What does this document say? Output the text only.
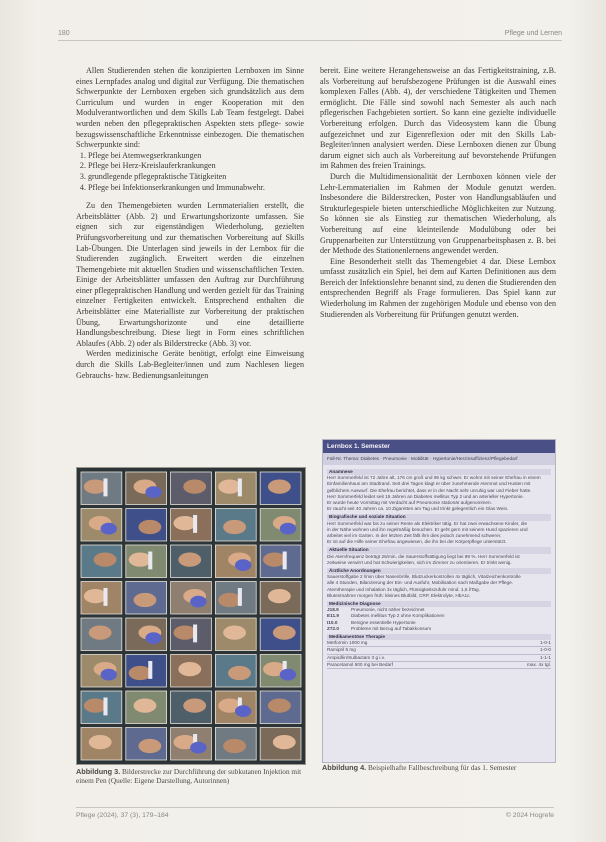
180	Pflege und Lernen

Allen Studierenden stehen die konzipierten Lernboxen im Sinne eines Lernpfades analog und digital zur Verfügung. Die thematischen Schwerpunkte der Lernboxen ergeben sich grundsätzlich aus dem Curriculum und wurden in enger Kooperation mit den Modulverantwortlichen und dem Skills Lab Team festgelegt. Dabei wurden neben den pflegepraktischen Aspekten stets pflege- sowie bezugswissenschaftliche Erkenntnisse einbezogen. Die thematischen Schwerpunkte sind:

1. Pflege bei Atemwegserkrankungen
2. Pflege bei Herz-Kreislauferkrankungen
3. grundlegende pflegepraktische Tätigkeiten
4. Pflege bei Infektionserkrankungen und Immunabwehr.

Zu den Themengebieten wurden Lernmaterialien erstellt, die Arbeitsblätter (Abb. 2) und Erwartungshorizonte umfassen. Sie eignen sich zur eigenständigen Wiederholung, gezielten Prüfungsvorbereitung und zur thematischen Vorbereitung auf Skills Lab-Übungen. Die Unterlagen sind jeweils in der Lernbox für die Studierenden zugänglich. Erweitert werden die einzelnen Themengebiete mit aktuellen Studien und wissenschaftlichen Texten. Einige der Arbeitsblätter umfassen den Auftrag zur Durchführung einer pflegepraktischen Handlung und werden gezielt für das Training einzelner Fertigkeiten entwickelt. Entsprechend enthalten die Arbeitsblätter eine Materialliste zur Vorbereitung der praktischen Übung, Erwartungshorizonte und eine detaillierte Handlungsbeschreibung. Diese liegt in Form eines schriftlichen Ablaufes (Abb. 2) oder als Bilderstrecke (Abb. 3) vor.

Werden medizinische Geräte benötigt, erfolgt eine Einweisung durch die Skills Lab-Begleiter/innen und zum Nachlesen liegen Gebrauchs- bzw. Bedienungsanleitungen

bereit. Eine weitere Herangehensweise an das Fertigkeitstraining, z.B. als Vorbereitung auf berufsbezogene Prüfungen ist die Auswahl eines komplexen Falles (Abb. 4), der verschiedene Tätigkeiten und Themen ermöglicht. Die Fälle sind sowohl nach Semester als auch nach pflegerischen Fachgebieten sortiert. So kann eine gezielte individuelle Vorbereitung erfolgen. Durch das Videosystem kann die Übung aufgezeichnet und zur Eigenreflexion oder mit den Skills Lab-Begleiter/innen analysiert werden. Diese Lernboxen dienen zur Übung darum eignet sich auch als Vorbereitung auf bevorstehende Prüfungen im Rahmen des freien Trainings.

Durch die Multidimensionalität der Lernboxen können viele der Lehr-Lernmaterialien im Rahmen der Module genutzt werden. Insbesondere die Bilderstrecken, Poster von Handlungsabläufen und Strukturlegespiele bieten unterschiedliche Möglichkeiten zur Nutzung. So können sie als Einstieg zur thematischen Wiederholung, als Vorbereitung auf eine kleinteilende Modulübung oder bei Gruppenarbeiten zur Unterstützung von Gruppenarbeitsphasen z. B. bei der Methode des Stationenlernens angewendet werden.

Eine Besonderheit stellt das Themengebiet 4 dar. Diese Lernbox umfasst zusätzlich ein Spiel, bei dem auf Karten Definitionen aus dem Bereich der Infektionslehre benannt sind, zu denen die Studierenden den entsprechenden Begriff als Frage formulieren. Das Spiel kann zur Wiederholung im Rahmen der zugehörigen Module und ebenso von den Studierenden als Vorbereitung für Prüfungen genutzt werden.

Abbildung 3. Bilderstrecke zur Durchführung der subkutanen Injektion mit einem Pen (Quelle: Eigene Darstellung, Autorinnen)
Lernbox 1. Semester
Fall-Nr. Thema: Diabetes · Pneumonie · Mobilität · Hypertonie/Herzinsuffizienz/Pflegebedarf
Anamnese
Herr Sommerfeld ist 72 Jahre alt, 176 cm groß und 95 kg schwer. Er wohnt mit seiner Ehefrau in einem
Einfamilienhaus am Stadtrand. Seit drei Tagen klagt er über zunehmende Atemnot und Husten mit
gelblichem Auswurf. Die Ehefrau berichtet, dass er in der Nacht sehr unruhig war und Fieber hatte.
Herr Sommerfeld leidet seit 15 Jahren an Diabetes mellitus Typ 2 und an arterieller Hypertonie.
Er wurde heute Vormittag mit Verdacht auf Pneumonie stationär aufgenommen.
Er raucht seit 40 Jahren ca. 10 Zigaretten am Tag und trinkt gelegentlich ein Glas Wein.
Biografische und soziale Situation
Herr Sommerfeld war bis zu seiner Rente als Elektriker tätig. Er hat zwei erwachsene Kinder, die
in der Nähe wohnen und ihn regelmäßig besuchen. Er geht gern mit seinem Hund spazieren und
arbeitet viel im Garten. In der letzten Zeit fällt ihm dies jedoch zunehmend schwerer.
Er ist auf die Hilfe seiner Ehefrau angewiesen, die ihn bei der Körperpflege unterstützt.
Aktuelle Situation
Die Atemfrequenz beträgt 26/min, die Sauerstoffsättigung liegt bei 89 %. Herr Sommerfeld ist
zeitweise verwirrt und hat Schwierigkeiten, sich im Zimmer zu orientieren. Er trinkt wenig.
Ärztliche Anordnungen
Sauerstoffgabe 2 l/min über Nasenbrille, Blutzuckerkontrollen 4x täglich, Vitalzeichenkontrolle
alle 4 Stunden, Bilanzierung der Ein- und Ausfuhr, Mobilisation nach Maßgabe der Pflege.
Atemtherapie und Inhalation 3x täglich, Flüssigkeitszufuhr mind. 1,5 l/Tag.
Blutentnahme morgen früh: kleines Blutbild, CRP, Elektrolyte, HbA1c.
Medizinische Diagnose
J18.9	Pneumonie, nicht näher bezeichnet
E11.9	Diabetes mellitus Typ 2 ohne Komplikationen
I10.0	Benigne essentielle Hypertonie
Z72.0	Probleme mit Bezug auf Tabakkonsum
Medikamentöse Therapie
Metformin 1000 mg	1-0-1
Ramipril 5 mg	1-0-0
Ampicillin/Sulbactam 3 g i.v.	1-1-1
Paracetamol 500 mg bei Bedarf	max. 4x tgl.
Abbildung 4. Beispielhafte Fallbeschreibung für das 1. Semester
Pflege (2024), 37 (3), 179–184	© 2024 Hogrefe
